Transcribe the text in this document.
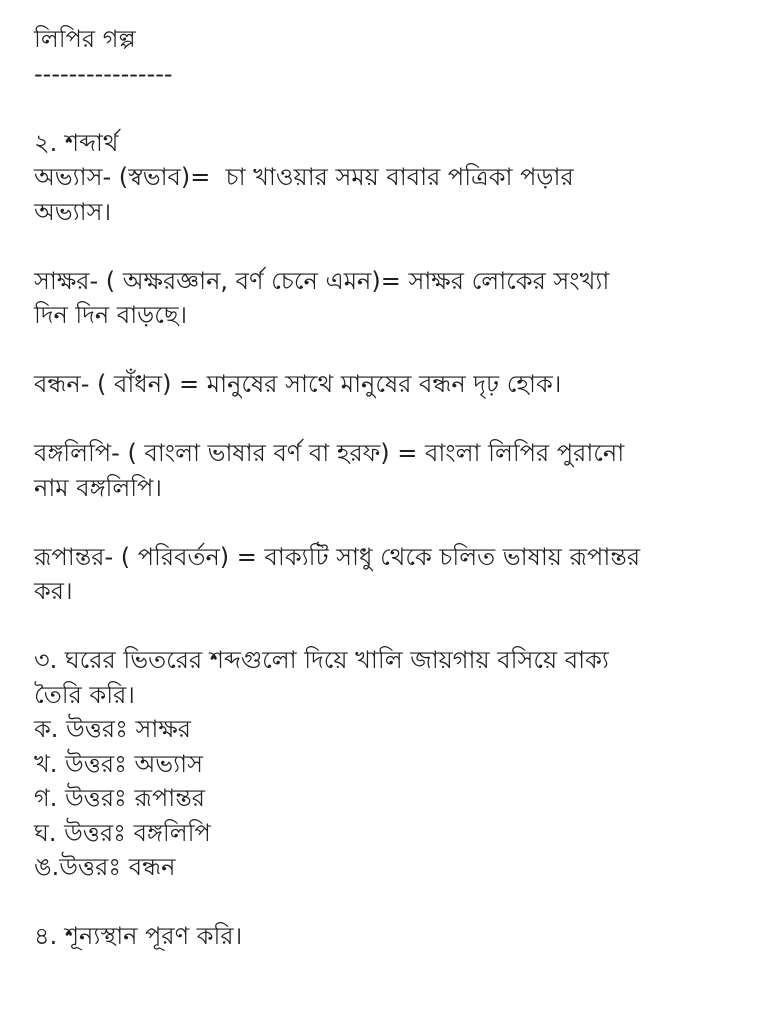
লিপির গল্প
----------------
২. শব্দার্থ
অভ্যাস- (স্বভাব)=  চা খাওয়ার সময় বাবার পত্রিকা পড়ার
অভ্যাস।
সাক্ষর- ( অক্ষরজ্ঞান, বর্ণ চেনে এমন)= সাক্ষর লোকের সংখ্যা
দিন দিন বাড়ছে।
বন্ধন- ( বাঁধন) = মানুষের সাথে মানুষের বন্ধন দৃঢ় হোক।
বঙ্গলিপি- ( বাংলা ভাষার বর্ণ বা হরফ) = বাংলা লিপির পুরানো
নাম বঙ্গলিপি।
রূপান্তর- ( পরিবর্তন) = বাক্যটি সাধু থেকে চলিত ভাষায় রূপান্তর
কর।
৩. ঘরের ভিতরের শব্দগুলো দিয়ে খালি জায়গায় বসিয়ে বাক্য
তৈরি করি।
ক. উত্তরঃ সাক্ষর
খ. উত্তরঃ অভ্যাস
গ. উত্তরঃ রূপান্তর
ঘ. উত্তরঃ বঙ্গলিপি
ঙ.উত্তরঃ বন্ধন
৪. শূন্যস্থান পূরণ করি।
